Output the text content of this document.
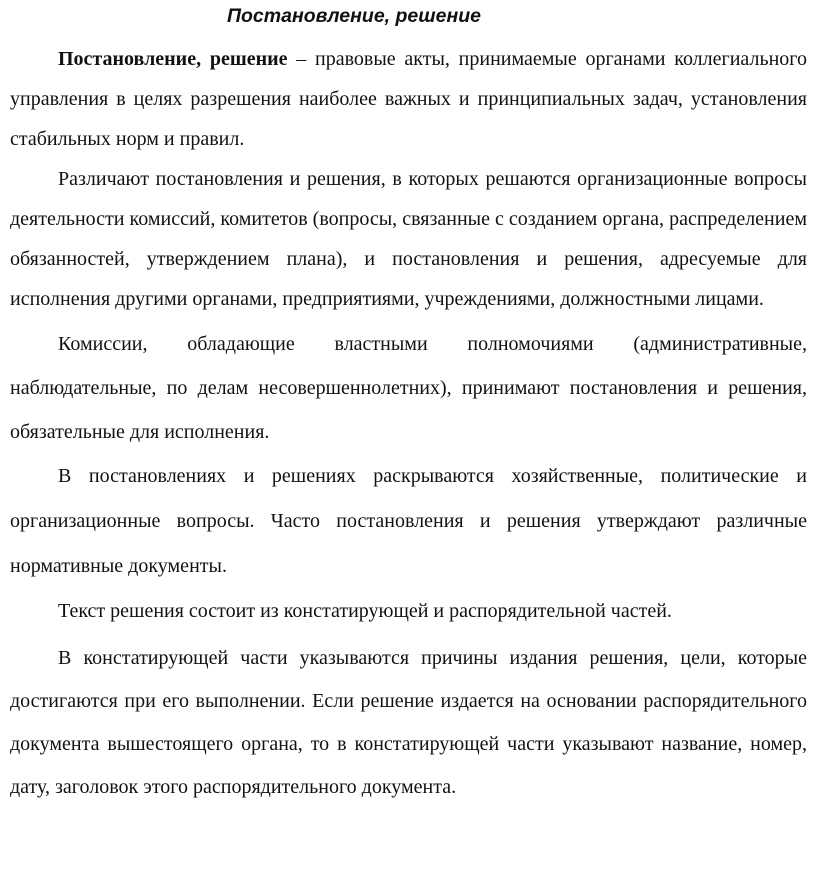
Постановление, решение

Постановление, решение – правовые акты, принимаемые органами коллегиального управления в целях разрешения наиболее важных и принципиальных задач, установления стабильных норм и правил.

Различают постановления и решения, в которых решаются организационные вопросы деятельности комиссий, комитетов (вопросы, связанные с созданием органа, распределением обязанностей, утверждением плана), и постановления и решения, адресуемые для исполнения другими органами, предприятиями, учреждениями, должностными лицами.

Комиссии, обладающие властными полномочиями (административные, наблюдательные, по делам несовершеннолетних), принимают постановления и решения, обязательные для исполнения.

В постановлениях и решениях раскрываются хозяйственные, политические и организационные вопросы. Часто постановления и решения утверждают различные нормативные документы.

Текст решения состоит из констатирующей и распорядительной частей.

В констатирующей части указываются причины издания решения, цели, которые достигаются при его выполнении. Если решение издается на основании распорядительного документа вышестоящего органа, то в констатирующей части указывают название, номер, дату, заголовок этого распорядительного документа.
